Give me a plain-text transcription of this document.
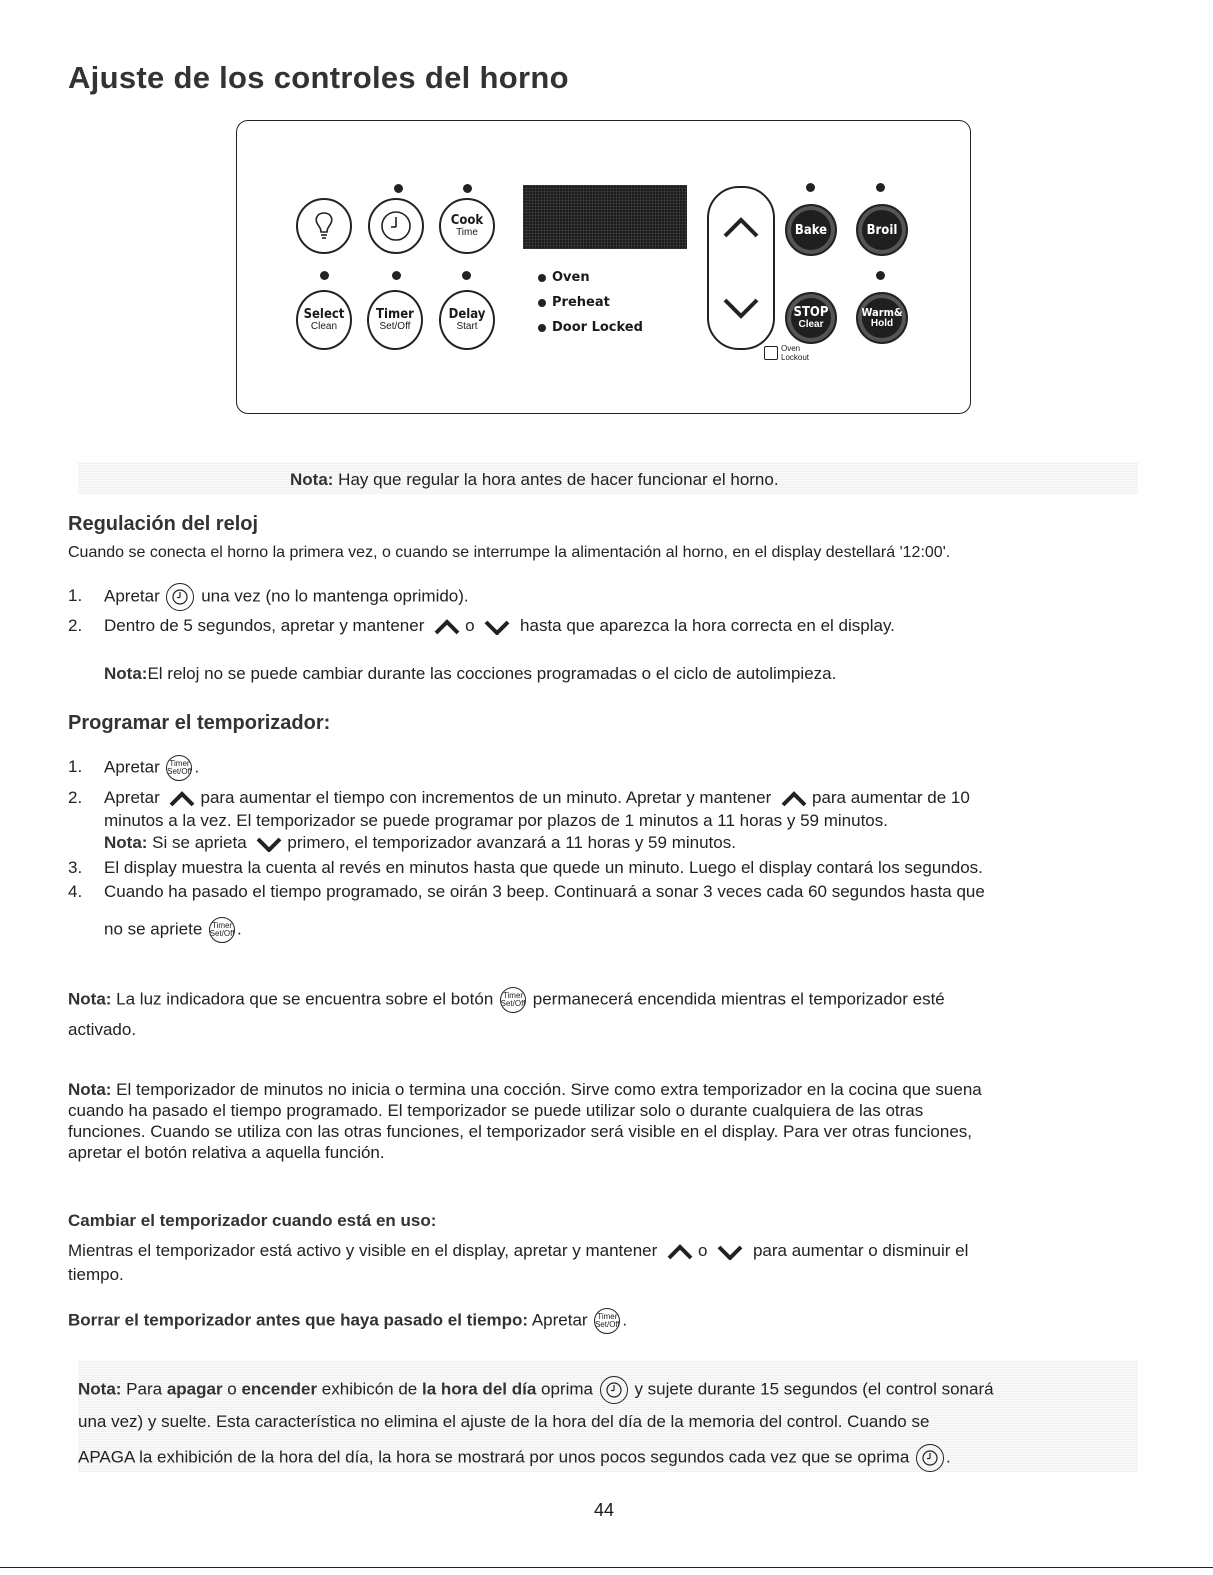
Ajuste de los controles del horno
Cook
Time
Select
Clean
Timer
Set/Off
Delay
Start
Oven
Preheat
Door Locked
Bake	Broil
STOP
Clear
Warm&
Hold
Oven
Lockout
Nota: Hay que regular la hora antes de hacer funcionar el horno.
Regulación del reloj
Cuando se conecta el horno la primera vez, o cuando se interrumpe la alimentación al horno, en el display destellará '12:00'.
1. Apretar una vez (no lo mantenga oprimido).
2. Dentro de 5 segundos, apretar y mantener o	hasta que aparezca la hora correcta en el display.
Nota:El reloj no se puede cambiar durante las cocciones programadas o el ciclo de autolimpieza.
Programar el temporizador:
1. Apretar Timer
Set/Off .
2. Apretar para aumentar el tiempo con incrementos de un minuto. Apretar y mantener para aumentar de 10
minutos a la vez. El temporizador se puede programar por plazos de 1 minutos a 11 horas y 59 minutos.
Nota: Si se aprieta primero, el temporizador avanzará a 11 horas y 59 minutos.
3. El display muestra la cuenta al revés en minutos hasta que quede un minuto. Luego el display contará los segundos.
4. Cuando ha pasado el tiempo programado, se oirán 3 beep. Continuará a sonar 3 veces cada 60 segundos hasta que
no se apriete Timer
Set/Off .
Nota: La luz indicadora que se encuentra sobre el botón Timer
Set/Off permanecerá encendida mientras el temporizador esté
activado.
Nota: El temporizador de minutos no inicia o termina una cocción. Sirve como extra temporizador en la cocina que suena
cuando ha pasado el tiempo programado. El temporizador se puede utilizar solo o durante cualquiera de las otras
funciones. Cuando se utiliza con las otras funciones, el temporizador será visible en el display. Para ver otras funciones,
apretar el botón relativa a aquella función.
Cambiar el temporizador cuando está en uso:
Mientras el temporizador está activo y visible en el display, apretar y mantener o	para aumentar o disminuir el
tiempo.
Borrar el temporizador antes que haya pasado el tiempo: Apretar Timer
Set/Off .
Nota: Para apagar o encender exhibicón de la hora del día oprima y sujete durante 15 segundos (el control sonará
una vez) y suelte. Esta característica no elimina el ajuste de la hora del día de la memoria del control. Cuando se
APAGA la exhibición de la hora del día, la hora se mostrará por unos pocos segundos cada vez que se oprima .
44
